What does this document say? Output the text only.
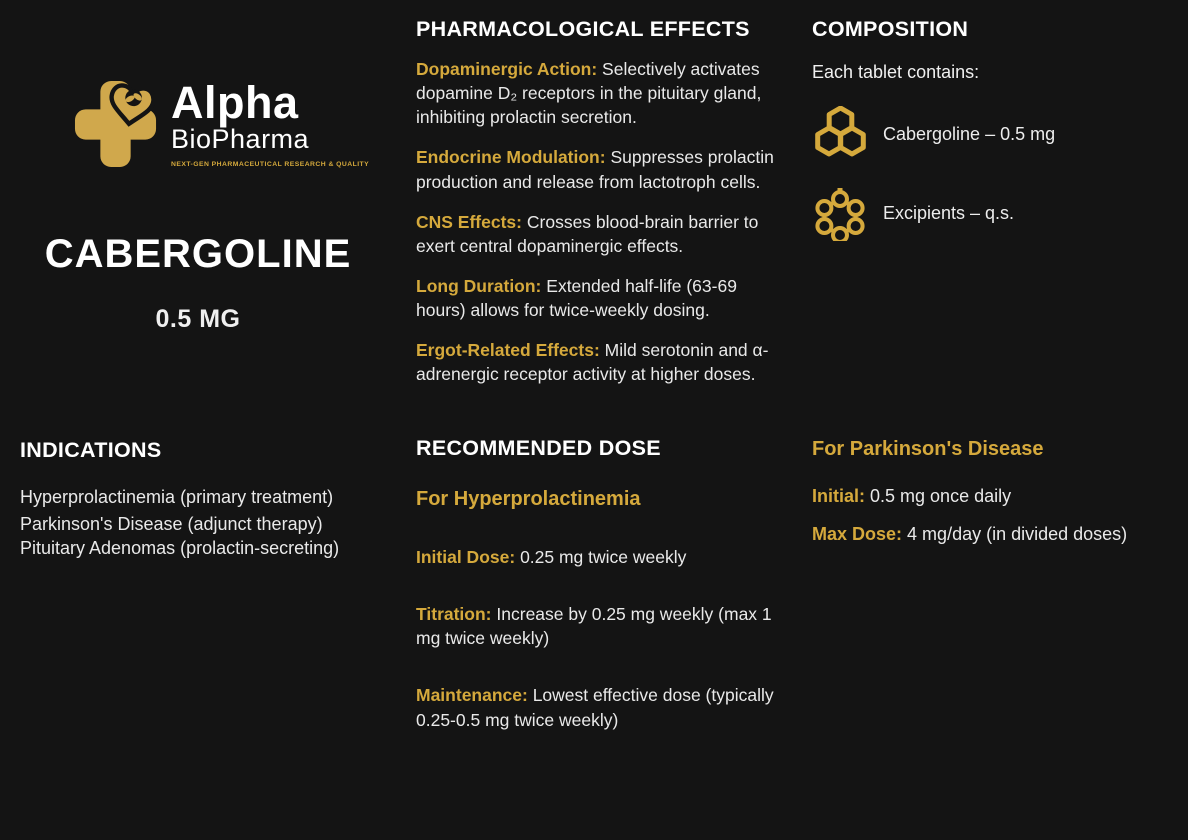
Alpha
BioPharma
NEXT-GEN PHARMACEUTICAL RESEARCH & QUALITY
CABERGOLINE
0.5 MG
INDICATIONS
Hyperprolactinemia (primary treatment)
Parkinson's Disease (adjunct therapy)
Pituitary Adenomas (prolactin-secreting)
PHARMACOLOGICAL EFFECTS

Dopaminergic Action: Selectively activates dopamine D₂ receptors in the pituitary gland, inhibiting prolactin secretion.

Endocrine Modulation: Suppresses prolactin production and release from lactotroph cells.

CNS Effects: Crosses blood-brain barrier to exert central dopaminergic effects.

Long Duration: Extended half-life (63-69 hours) allows for twice-weekly dosing.

Ergot-Related Effects: Mild serotonin and α-adrenergic receptor activity at higher doses.

RECOMMENDED DOSE
For Hyperprolactinemia

Initial Dose: 0.25 mg twice weekly

Titration: Increase by 0.25 mg weekly (max 1 mg twice weekly)

Maintenance: Lowest effective dose (typically 0.25-0.5 mg twice weekly)

COMPOSITION
Each tablet contains:
Cabergoline – 0.5 mg
Excipients – q.s.
For Parkinson's Disease

Initial: 0.5 mg once daily

Max Dose: 4 mg/day (in divided doses)
